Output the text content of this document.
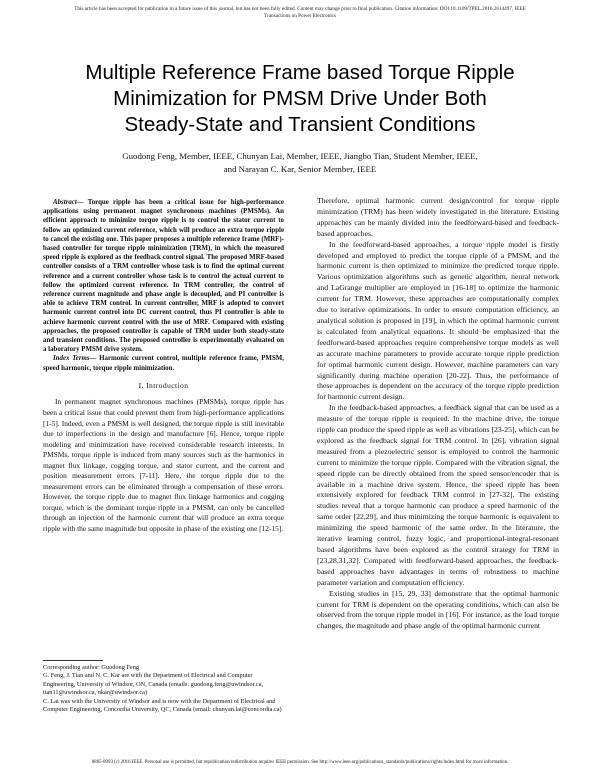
This article has been accepted for publication in a future issue of this journal, but has not been fully edited. Content may change prior to final publication. Citation information: DOI 10.1109/TPEL.2016.2614497, IEEE
Transactions on Power Electronics
Multiple Reference Frame based Torque Ripple
Minimization for PMSM Drive Under Both
Steady-State and Transient Conditions
Guodong Feng, Member, IEEE, Chunyan Lai, Member, IEEE, Jiangbo Tian, Student Member, IEEE,
and Narayan C. Kar, Senior Member, IEEE

Abstract— Torque ripple has been a critical issue for high-performance applications using permanent magnet synchronous machines (PMSMs). An efficient approach to minimize torque ripple is to control the stator current to follow an optimized current reference, which will produce an extra torque ripple to cancel the existing one. This paper proposes a multiple reference frame (MRF)-based controller for torque ripple minimization (TRM), in which the measured speed ripple is explored as the feedback control signal. The proposed MRF-based controller consists of a TRM controller whose task is to find the optimal current reference and a current controller whose task is to control the actual current to follow the optimized current reference. In TRM controller, the control of reference current magnitude and phase angle is decoupled, and PI controller is able to achieve TRM control. In current controller, MRF is adopted to convert harmonic current control into DC current control, thus PI controller is able to achieve harmonic current control with the use of MRF. Compared with existing approaches, the proposed controller is capable of TRM under both steady-state and transient conditions. The proposed controller is experimentally evaluated on a laboratory PMSM drive system.

Index Terms— Harmonic current control, multiple reference frame, PMSM, speed harmonic, torque ripple minimization.

I. Introduction

In permanent magnet synchronous machines (PMSMs), torque ripple has been a critical issue that could prevent them from high-performance applications [1-5]. Indeed, even a PMSM is well designed, the torque ripple is still inevitable due to imperfections in the design and manufacture [6]. Hence, torque ripple modeling and minimization have received considerable research interests. In PMSMs, torque ripple is induced from many sources such as the harmonics in magnet flux linkage, cogging torque, and stator current, and the current and position measurement errors [7-11]. Here, the torque ripple due to the measurement errors can be eliminated through a compensation of these errors. However, the torque ripple due to magnet flux linkage harmonics and cogging torque, which is the dominant torque ripple in a PMSM, can only be cancelled through an injection of the harmonic current that will produce an extra torque ripple with the same magnitude but opposite in phase of the existing one [12-15].

Corresponding author: Guodong Feng
G. Feng, J. Tian and N. C. Kar are with the Department of Electrical and Computer Engineering, University of Windsor, ON, Canada (emails: guodong.feng@uwindsor.ca, tian11@uwindsor.ca, nkar@uwindsor.ca)
C. Lai was with the University of Windsor and is now with the Department of Electrical and Computer Engineering, Concordia University, QC, Canada (email: chunyan.lai@concordia.ca)

Therefore, optimal harmonic current design/control for torque ripple minimization (TRM) has been widely investigated in the literature. Existing approaches can be mainly divided into the feedforward-based and feedback-based approaches.

In the feedforward-based approaches, a torque ripple model is firstly developed and employed to predict the torque ripple of a PMSM, and the harmonic current is then optimized to minimize the predicted torque ripple. Various optimization algorithms such as genetic algorithm, neural network and LaGrange multiplier are employed in [16-18] to optimize the harmonic current for TRM. However, these approaches are computationally complex due to iterative optimizations. In order to ensure computation efficiency, an analytical solution is proposed in [19], in which the optimal harmonic current is calculated from analytical equations. It should be emphasized that the feedforward-based approaches require comprehensive torque models as well as accurate machine parameters to provide accurate torque ripple prediction for optimal harmonic current design. However, machine parameters can vary significantly during machine operation [20-22]. Thus, the performance of these approaches is dependent on the accuracy of the torque ripple prediction for harmonic current design.

In the feedback-based approaches, a feedback signal that can be used as a measure of the torque ripple is required. In the machine drive, the torque ripple can produce the speed ripple as well as vibrations [23-25], which can be explored as the feedback signal for TRM control. In [26], vibration signal measured from a piezoelectric sensor is employed to control the harmonic current to minimize the torque ripple. Compared with the vibration signal, the speed ripple can be directly obtained from the speed sensor/encoder that is available in a machine drive system. Hence, the speed ripple has been extensively explored for feedback TRM control in [27-32]. The existing studies reveal that a torque harmonic can produce a speed harmonic of the same order [22,29], and thus minimizing the torque harmonic is equivalent to minimizing the speed harmonic of the same order. In the literature, the iterative learning control, fuzzy logic, and proportional-integral-resonant based algorithms have been explored as the control strategy for TRM in [23,28,31,32]. Compared with feedforward-based approaches, the feedback-based approaches have advantages in terms of robustness to machine parameter variation and computation efficiency.

Existing studies in [15, 29, 33] demonstrate that the optimal harmonic current for TRM is dependent on the operating conditions, which can also be observed from the torque ripple model in [16]. For instance, as the load torque changes, the magnitude and phase angle of the optimal harmonic current

0885-8993 (c) 2016 IEEE. Personal use is permitted, but republication/redistribution requires IEEE permission. See http://www.ieee.org/publications_standards/publications/rights/index.html for more information.
